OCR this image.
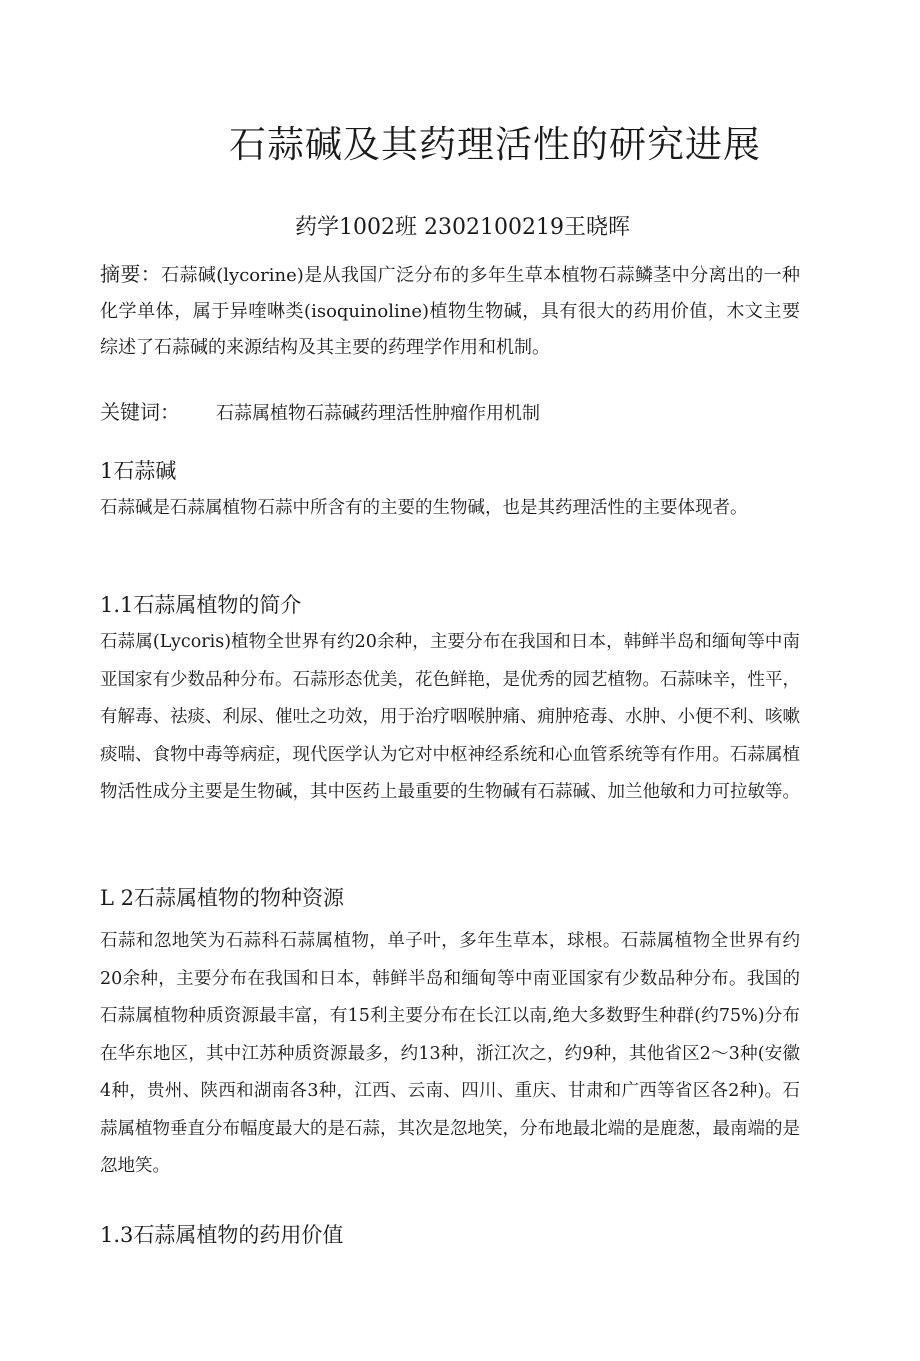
石蒜碱及其药理活性的研究进展
药学1002班 2302100219王晓晖
摘要：石蒜碱(lycorine)是从我国广泛分布的多年生草本植物石蒜鳞茎中分离出的一种化学单体，属于异喹啉类(isoquinoline)植物生物碱，具有很大的药用价值，木文主要综述了石蒜碱的来源结构及其主要的药理学作用和机制。
关键词： 石蒜属植物石蒜碱药理活性肿瘤作用机制
1石蒜碱
石蒜碱是石蒜属植物石蒜中所含有的主要的生物碱，也是其药理活性的主要体现者。
1.1石蒜属植物的简介
石蒜属(Lycoris)植物全世界有约20余种，主要分布在我国和日本，韩鲜半岛和缅甸等中南亚国家有少数品种分布。石蒜形态优美，花色鲜艳，是优秀的园艺植物。石蒜味辛，性平，有解毒、祛痰、利尿、催吐之功效，用于治疗咽喉肿痛、痈肿疮毒、水肿、小便不利、咳嗽痰喘、食物中毒等病症，现代医学认为它对中枢神经系统和心血管系统等有作用。石蒜属植物活性成分主要是生物碱，其中医药上最重要的生物碱有石蒜碱、加兰他敏和力可拉敏等。
L 2石蒜属植物的物种资源
石蒜和忽地笑为石蒜科石蒜属植物，单子叶，多年生草本，球根。石蒜属植物全世界有约20余种，主要分布在我国和日本，韩鲜半岛和缅甸等中南亚国家有少数品种分布。我国的石蒜属植物种质资源最丰富，有15利主要分布在长江以南,绝大多数野生种群(约75%)分布在华东地区，其中江苏种质资源最多，约13种，浙江次之，约9种，其他省区2〜3种(安徽4种，贵州、陕西和湖南各3种，江西、云南、四川、重庆、甘肃和广西等省区各2种)。石蒜属植物垂直分布幅度最大的是石蒜，其次是忽地笑，分布地最北端的是鹿葱，最南端的是忽地笑。
1.3石蒜属植物的药用价值
